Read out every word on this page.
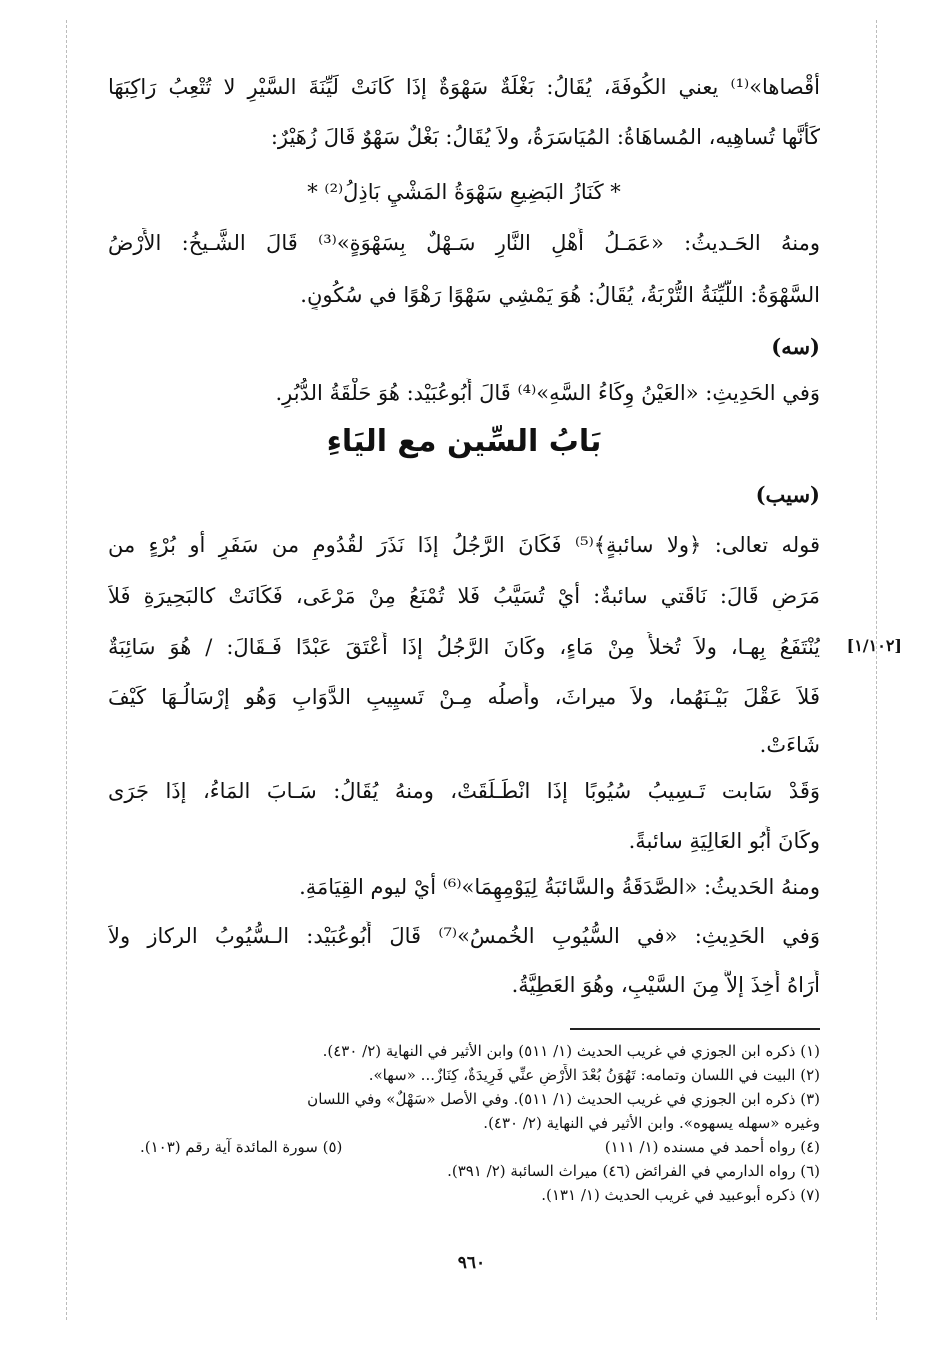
أقْصاها»⁽¹⁾ يعني الكُوفَةَ، يُقَالُ: بَغْلَةٌ سَهْوَةٌ إذَا كَانَتْ لَيِّنَةَ السَّيْرِ لا تُتْعِبُ رَاكِبَهَا
كَأنَّها تُساهِيه، المُساهَاةُ: المُيَاسَرَةُ، ولاَ يُقَالُ: بَغْلٌ سَهْوٌ قَالَ زُهَيْرٌ:
* كَنَازُ البَضِيعِ سَهْوَةُ المَشْيِ بَاذِلُ⁽²⁾ *
ومنهُ الحَـديثُ: «عَمَـلُ أَهْلِ النَّارِ سَـهْلٌ بِسَهْوَةٍ»⁽³⁾ قَالَ الشَّـيخُ: الأَرْضُ
السَّهْوَةُ: اللَّيِّنَةُ التُّرْبَةُ، يُقَالُ: هُوَ يَمْشِي سَهْوًا رَهْوًا في سُكُونٍ.
(سه)
وَفي الحَدِيثِ: «العَيْنُ وِكَاءُ السَّهِ»⁽⁴⁾ قَالَ أَبُوعُبَيْد: هُوَ حَلْقَةُ الدُّبُرِ.
بَابُ السِّين مع اليَاءِ
(سيب)
قوله تعالى: ﴿ولا سائبةٍ﴾⁽⁵⁾ فَكَانَ الرَّجُلُ إذَا نَذَرَ لقُدُومٍ من سَفَرٍ أو بُرْءٍ من
مَرَضٍ قَالَ: نَاقَتي سائبةٌ: أيْ تُسَيَّبُ فَلا تُمْنَعُ مِنْ مَرْعَى، فَكَانَتْ كالبَحِيرَةِ فَلاَ
يُنْتَفَعُ بِهـا، ولاَ تُخلأُ مِنْ مَاءٍ، وكَانَ الرَّجُلُ إذَا أَعْتَقَ عَبْدًا فَـقَالَ: / هُوَ سَائِبَةٌ
فَلاَ عَقْلَ بَيْـنَهُما، ولاَ ميراثَ، وأَصلُه مِـنْ تَسيِيبِ الدَّوَابِ وَهُو إرْسَالُـهَا كَيْفَ
شَاءَتْ.
وَقَدْ سَابت تَـسِيبُ سُيُوبًا إذَا انْطَـلَقَتْ، ومنهُ يُقَالُ: سَـابَ المَاءُ، إذَا جَرَى
وكَانَ أَبُو العَالِيَةِ سائبةً.
ومنهُ الحَديثُ: «الصَّدَقَةُ والسَّائبَةُ لِيَوْمِهِمَا»⁽⁶⁾ أيْ ليوم القِيَامَةِ.
وَفي الحَدِيثِ: «في السُّيُوبِ الخُمسُ»⁽⁷⁾ قَالَ أَبُوعُبَيْد: الـسُّيُوبُ الركاز ولاَ
أَرَاهُ أُخِذَ إلاَّ مِنَ السَّيْبِ، وهُوَ العَطِيَّةُ.
[١/١٠٢]
(١) ذكره ابن الجوزي في غريب الحديث (١/ ٥١١) وابن الأثير في النهاية (٢/ ٤٣٠).
(٢) البيت في اللسان وتمامه: تَهُوَنُ بُعْدَ الأَرْضِ عنِّي فَرِيدَةٌ، كِنَازٌ... «سها».
(٣) ذكره ابن الجوزي في غريب الحديث (١/ ٥١١). وفي الأصل «سَهْلٌ» وفي اللسان
وغيره «سهله يسهوه». وابن الأثير في النهاية (٢/ ٤٣٠).
(٤) رواه أحمد في مسنده (١/ ١١١)
(٥) سورة المائدة آية رقم (١٠٣).
(٦) رواه الدارمي في الفرائض (٤٦) ميراث السائبة (٢/ ٣٩١).
(٧) ذكره أبوعبيد في غريب الحديث (١/ ١٣١).
٩٦٠
